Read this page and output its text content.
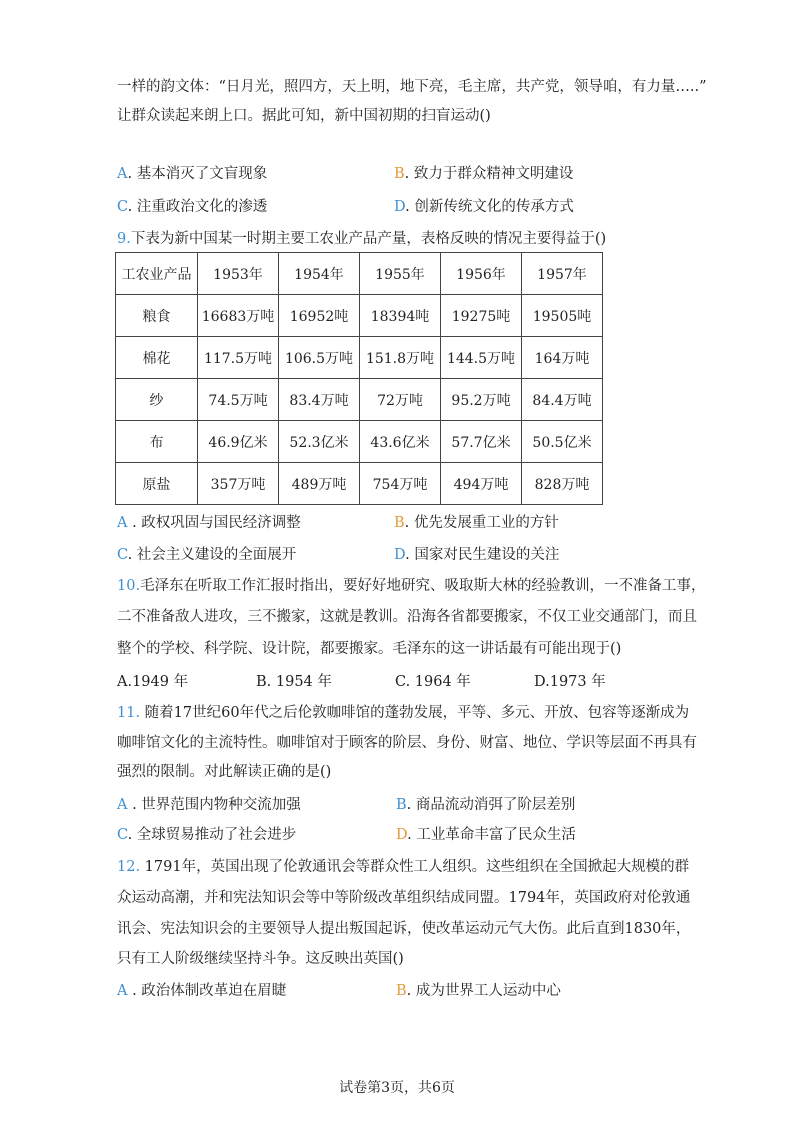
一样的韵文体：“日月光，照四方，天上明，地下亮，毛主席，共产党，领导咱，有力量…..”
让群众读起来朗上口。据此可知，新中国初期的扫盲运动()
A. 基本消灭了文盲现象	B. 致力于群众精神文明建设
C. 注重政治文化的渗透	D. 创新传统文化的传承方式
9.下表为新中国某一时期主要工农业产品产量，表格反映的情况主要得益于()
工农业产品	1953年	1954年	1955年	1956年	1957年
粮食	16683万吨	16952吨	18394吨	19275吨	19505吨
棉花	117.5万吨	106.5万吨	151.8万吨	144.5万吨	164万吨
纱	74.5万吨	83.4万吨	72万吨	95.2万吨	84.4万吨
布	46.9亿米	52.3亿米	43.6亿米	57.7亿米	50.5亿米
原盐	357万吨	489万吨	754万吨	494万吨	828万吨
A . 政权巩固与国民经济调整	B. 优先发展重工业的方针
C. 社会主义建设的全面展开	D. 国家对民生建设的关注
10.毛泽东在听取工作汇报时指出，要好好地研究、吸取斯大林的经验教训，一不准备工事，
二不准备敌人进攻，三不搬家，这就是教训。沿海各省都要搬家，不仅工业交通部门，而且
整个的学校、科学院、设计院，都要搬家。毛泽东的这一讲话最有可能出现于()
A.1949 年	B. 1954 年	C. 1964 年	D.1973 年
11. 随着17世纪60年代之后伦敦咖啡馆的蓬勃发展，平等、多元、开放、包容等逐渐成为
咖啡馆文化的主流特性。咖啡馆对于顾客的阶层、身份、财富、地位、学识等层面不再具有
强烈的限制。对此解读正确的是()
A . 世界范围内物种交流加强	B. 商品流动消弭了阶层差别
C. 全球贸易推动了社会进步	D. 工业革命丰富了民众生活
12. 1791年，英国出现了伦敦通讯会等群众性工人组织。这些组织在全国掀起大规模的群
众运动高潮，并和宪法知识会等中等阶级改革组织结成同盟。1794年，英国政府对伦敦通
讯会、宪法知识会的主要领导人提出叛国起诉，使改革运动元气大伤。此后直到1830年，
只有工人阶级继续坚持斗争。这反映出英国()
A . 政治体制改革迫在眉睫	B. 成为世界工人运动中心
试卷第3页，共6页
